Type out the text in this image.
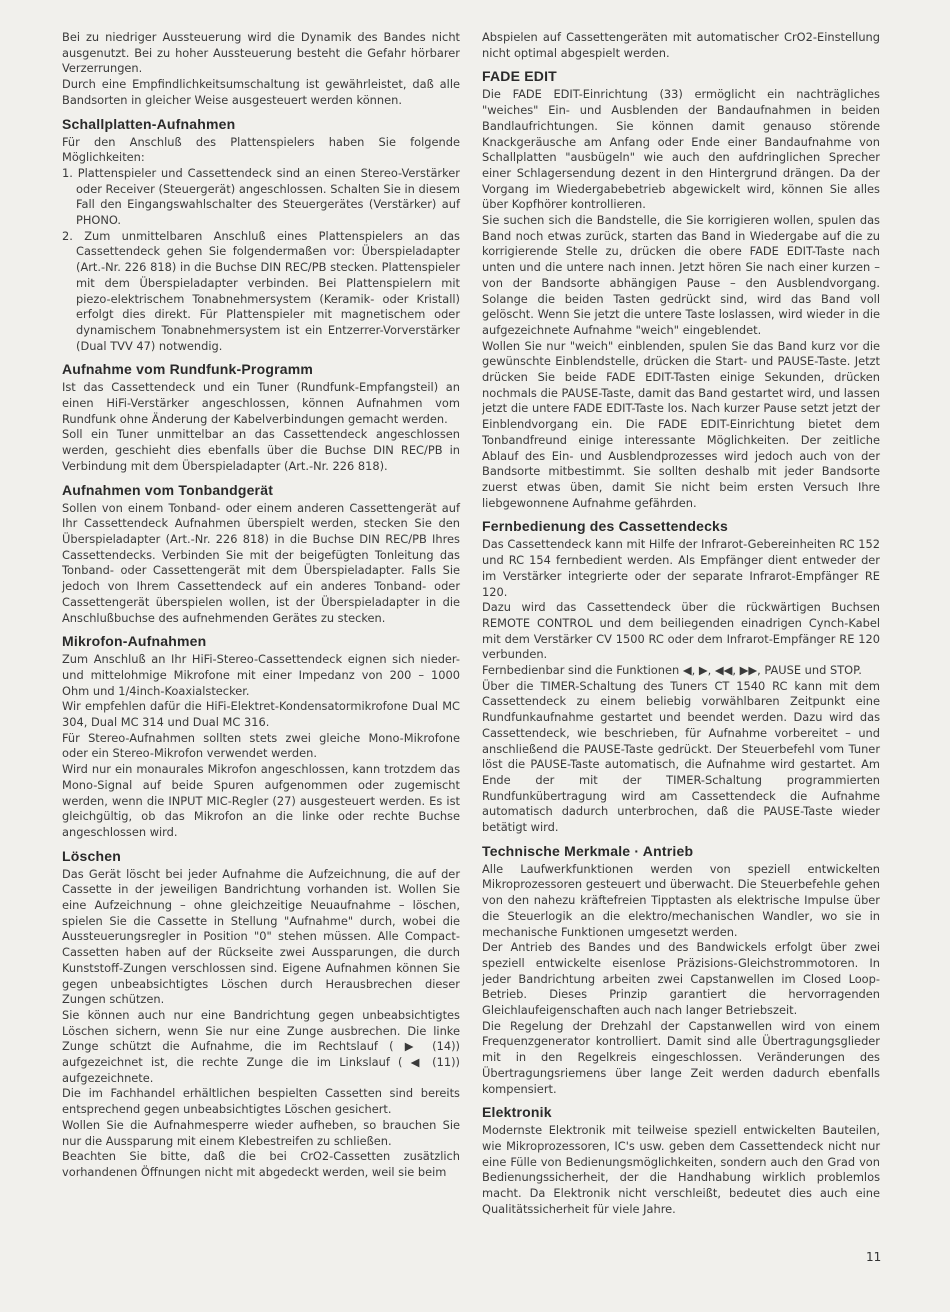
Bei zu niedriger Aussteuerung wird die Dynamik des Bandes nicht ausgenutzt. Bei zu hoher Aussteuerung besteht die Gefahr hörbarer Verzerrungen.

Durch eine Empfindlichkeitsumschaltung ist gewährleistet, daß alle Bandsorten in gleicher Weise ausgesteuert werden können.

Schallplatten-Aufnahmen

Für den Anschluß des Plattenspielers haben Sie folgende Möglichkeiten:

1. Plattenspieler und Cassettendeck sind an einen Stereo-Verstärker oder Receiver (Steuergerät) angeschlossen. Schalten Sie in diesem Fall den Eingangswahlschalter des Steuergerätes (Verstärker) auf PHONO.

2. Zum unmittelbaren Anschluß eines Plattenspielers an das Cassettendeck gehen Sie folgendermaßen vor: Überspieladapter (Art.-Nr. 226 818) in die Buchse DIN REC/PB stecken. Plattenspieler mit dem Überspieladapter verbinden. Bei Plattenspielern mit piezo-elektrischem Tonabnehmersystem (Keramik- oder Kristall) erfolgt dies direkt. Für Plattenspieler mit magnetischem oder dynamischem Tonabnehmersystem ist ein Entzerrer-Vorverstärker (Dual TVV 47) notwendig.

Aufnahme vom Rundfunk-Programm

Ist das Cassettendeck und ein Tuner (Rundfunk-Empfangsteil) an einen HiFi-Verstärker angeschlossen, können Aufnahmen vom Rundfunk ohne Änderung der Kabelverbindungen gemacht werden.

Soll ein Tuner unmittelbar an das Cassettendeck angeschlossen werden, geschieht dies ebenfalls über die Buchse DIN REC/PB in Verbindung mit dem Überspieladapter (Art.-Nr. 226 818).

Aufnahmen vom Tonbandgerät

Sollen von einem Tonband- oder einem anderen Cassettengerät auf Ihr Cassettendeck Aufnahmen überspielt werden, stecken Sie den Überspieladapter (Art.-Nr. 226 818) in die Buchse DIN REC/PB Ihres Cassettendecks. Verbinden Sie mit der beigefügten Tonleitung das Tonband- oder Cassettengerät mit dem Überspieladapter. Falls Sie jedoch von Ihrem Cassettendeck auf ein anderes Tonband- oder Cassettengerät überspielen wollen, ist der Überspieladapter in die Anschlußbuchse des aufnehmenden Gerätes zu stecken.

Mikrofon-Aufnahmen

Zum Anschluß an Ihr HiFi-Stereo-Cassettendeck eignen sich nieder- und mittelohmige Mikrofone mit einer Impedanz von 200 – 1000 Ohm und 1/4inch-Koaxialstecker.

Wir empfehlen dafür die HiFi-Elektret-Kondensatormikrofone Dual MC 304, Dual MC 314 und Dual MC 316.

Für Stereo-Aufnahmen sollten stets zwei gleiche Mono-Mikrofone oder ein Stereo-Mikrofon verwendet werden.

Wird nur ein monaurales Mikrofon angeschlossen, kann trotzdem das Mono-Signal auf beide Spuren aufgenommen oder zugemischt werden, wenn die INPUT MIC-Regler (27) ausgesteuert werden. Es ist gleichgültig, ob das Mikrofon an die linke oder rechte Buchse angeschlossen wird.

Löschen

Das Gerät löscht bei jeder Aufnahme die Aufzeichnung, die auf der Cassette in der jeweiligen Bandrichtung vorhanden ist. Wollen Sie eine Aufzeichnung – ohne gleichzeitige Neuaufnahme – löschen, spielen Sie die Cassette in Stellung "Aufnahme" durch, wobei die Aussteuerungsregler in Position "0" stehen müssen. Alle Compact-Cassetten haben auf der Rückseite zwei Aussparungen, die durch Kunststoff-Zungen verschlossen sind. Eigene Aufnahmen können Sie gegen unbeabsichtigtes Löschen durch Herausbrechen dieser Zungen schützen.

Sie können auch nur eine Bandrichtung gegen unbeabsichtigtes Löschen sichern, wenn Sie nur eine Zunge ausbrechen. Die linke Zunge schützt die Aufnahme, die im Rechtslauf ( ▶ (14)) aufgezeichnet ist, die rechte Zunge die im Linkslauf ( ◀ (11)) aufgezeichnete.

Die im Fachhandel erhältlichen bespielten Cassetten sind bereits entsprechend gegen unbeabsichtigtes Löschen gesichert.

Wollen Sie die Aufnahmesperre wieder aufheben, so brauchen Sie nur die Aussparung mit einem Klebestreifen zu schließen.

Beachten Sie bitte, daß die bei CrO2-Cassetten zusätzlich vorhandenen Öffnungen nicht mit abgedeckt werden, weil sie beim

Abspielen auf Cassettengeräten mit automatischer CrO2-Einstellung nicht optimal abgespielt werden.

FADE EDIT

Die FADE EDIT-Einrichtung (33) ermöglicht ein nachträgliches "weiches" Ein- und Ausblenden der Bandaufnahmen in beiden Bandlaufrichtungen. Sie können damit genauso störende Knackgeräusche am Anfang oder Ende einer Bandaufnahme von Schallplatten "ausbügeln" wie auch den aufdringlichen Sprecher einer Schlagersendung dezent in den Hintergrund drängen. Da der Vorgang im Wiedergabebetrieb abgewickelt wird, können Sie alles über Kopfhörer kontrollieren.

Sie suchen sich die Bandstelle, die Sie korrigieren wollen, spulen das Band noch etwas zurück, starten das Band in Wiedergabe auf die zu korrigierende Stelle zu, drücken die obere FADE EDIT-Taste nach unten und die untere nach innen. Jetzt hören Sie nach einer kurzen – von der Bandsorte abhängigen Pause – den Ausblendvorgang. Solange die beiden Tasten gedrückt sind, wird das Band voll gelöscht. Wenn Sie jetzt die untere Taste loslassen, wird wieder in die aufgezeichnete Aufnahme "weich" eingeblendet.

Wollen Sie nur "weich" einblenden, spulen Sie das Band kurz vor die gewünschte Einblendstelle, drücken die Start- und PAUSE-Taste. Jetzt drücken Sie beide FADE EDIT-Tasten einige Sekunden, drücken nochmals die PAUSE-Taste, damit das Band gestartet wird, und lassen jetzt die untere FADE EDIT-Taste los. Nach kurzer Pause setzt jetzt der Einblendvorgang ein. Die FADE EDIT-Einrichtung bietet dem Tonbandfreund einige interessante Möglichkeiten. Der zeitliche Ablauf des Ein- und Ausblendprozesses wird jedoch auch von der Bandsorte mitbestimmt. Sie sollten deshalb mit jeder Bandsorte zuerst etwas üben, damit Sie nicht beim ersten Versuch Ihre liebgewonnene Aufnahme gefährden.

Fernbedienung des Cassettendecks

Das Cassettendeck kann mit Hilfe der Infrarot-Gebereinheiten RC 152 und RC 154 fernbedient werden. Als Empfänger dient entweder der im Verstärker integrierte oder der separate Infrarot-Empfänger RE 120.

Dazu wird das Cassettendeck über die rückwärtigen Buchsen REMOTE CONTROL und dem beiliegenden einadrigen Cynch-Kabel mit dem Verstärker CV 1500 RC oder dem Infrarot-Empfänger RE 120 verbunden.

Fernbedienbar sind die Funktionen ◀, ▶, ◀◀, ▶▶, PAUSE und STOP.

Über die TIMER-Schaltung des Tuners CT 1540 RC kann mit dem Cassettendeck zu einem beliebig vorwählbaren Zeitpunkt eine Rundfunkaufnahme gestartet und beendet werden. Dazu wird das Cassettendeck, wie beschrieben, für Aufnahme vorbereitet – und anschließend die PAUSE-Taste gedrückt. Der Steuerbefehl vom Tuner löst die PAUSE-Taste automatisch, die Aufnahme wird gestartet. Am Ende der mit der TIMER-Schaltung programmierten Rundfunkübertragung wird am Cassettendeck die Aufnahme automatisch dadurch unterbrochen, daß die PAUSE-Taste wieder betätigt wird.

Technische Merkmale · Antrieb

Alle Laufwerkfunktionen werden von speziell entwickelten Mikroprozessoren gesteuert und überwacht. Die Steuerbefehle gehen von den nahezu kräftefreien Tipptasten als elektrische Impulse über die Steuerlogik an die elektro/mechanischen Wandler, wo sie in mechanische Funktionen umgesetzt werden.

Der Antrieb des Bandes und des Bandwickels erfolgt über zwei speziell entwickelte eisenlose Präzisions-Gleichstrommotoren. In jeder Bandrichtung arbeiten zwei Capstanwellen im Closed Loop-Betrieb. Dieses Prinzip garantiert die hervorragenden Gleichlaufeigenschaften auch nach langer Betriebszeit.

Die Regelung der Drehzahl der Capstanwellen wird von einem Frequenzgenerator kontrolliert. Damit sind alle Übertragungsglieder mit in den Regelkreis eingeschlossen. Veränderungen des Übertragungsriemens über lange Zeit werden dadurch ebenfalls kompensiert.

Elektronik

Modernste Elektronik mit teilweise speziell entwickelten Bauteilen, wie Mikroprozessoren, IC's usw. geben dem Cassettendeck nicht nur eine Fülle von Bedienungsmöglichkeiten, sondern auch den Grad von Bedienungssicherheit, der die Handhabung wirklich problemlos macht. Da Elektronik nicht verschleißt, bedeutet dies auch eine Qualitätssicherheit für viele Jahre.

11
